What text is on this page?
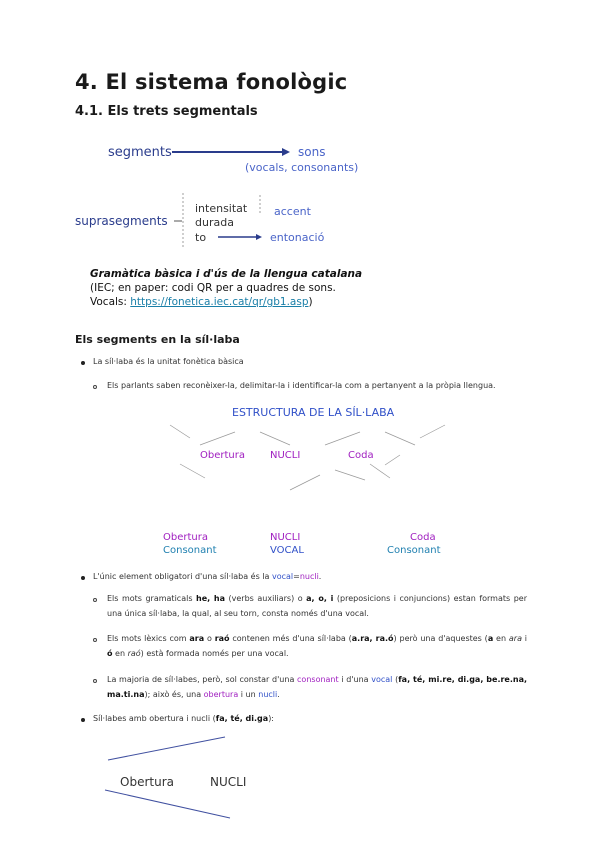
4. El sistema fonològic
4.1. Els trets segmentals
segments	sons
(vocals, consonants)
suprasegments
intensitat
durada
to
accent
entonació
Gramàtica bàsica i d'ús de la llengua catalana
(IEC; en paper: codi QR per a quadres de sons.
Vocals: https://fonetica.iec.cat/qr/gb1.asp)
Els segments en la síl·laba
La síl·laba és la unitat fonètica bàsica
Els parlants saben reconèixer-la, delimitar-la i identificar-la com a pertanyent a la pròpia llengua.
ESTRUCTURA DE LA SÍL·LABA
Obertura	NUCLI	Coda
Obertura
Consonant
NUCLI
VOCAL
Coda
Consonant
L'únic element obligatori d'una síl·laba és la vocal=nucli.
Els mots gramaticals he, ha (verbs auxiliars) o a, o, i (preposicions i conjuncions) estan formats per una única síl·laba, la qual, al seu torn, consta només d'una vocal.
Els mots lèxics com ara o raó contenen més d'una síl·laba (a.ra, ra.ó) però una d'aquestes (a en ara i ó en raó) està formada només per una vocal.
La majoria de síl·labes, però, sol constar d'una consonant i d'una vocal (fa, té, mi.re, di.ga, be.re.na, ma.ti.na); això és, una obertura i un nucli.
Síl·labes amb obertura i nucli (fa, té, di.ga):
Obertura	NUCLI
